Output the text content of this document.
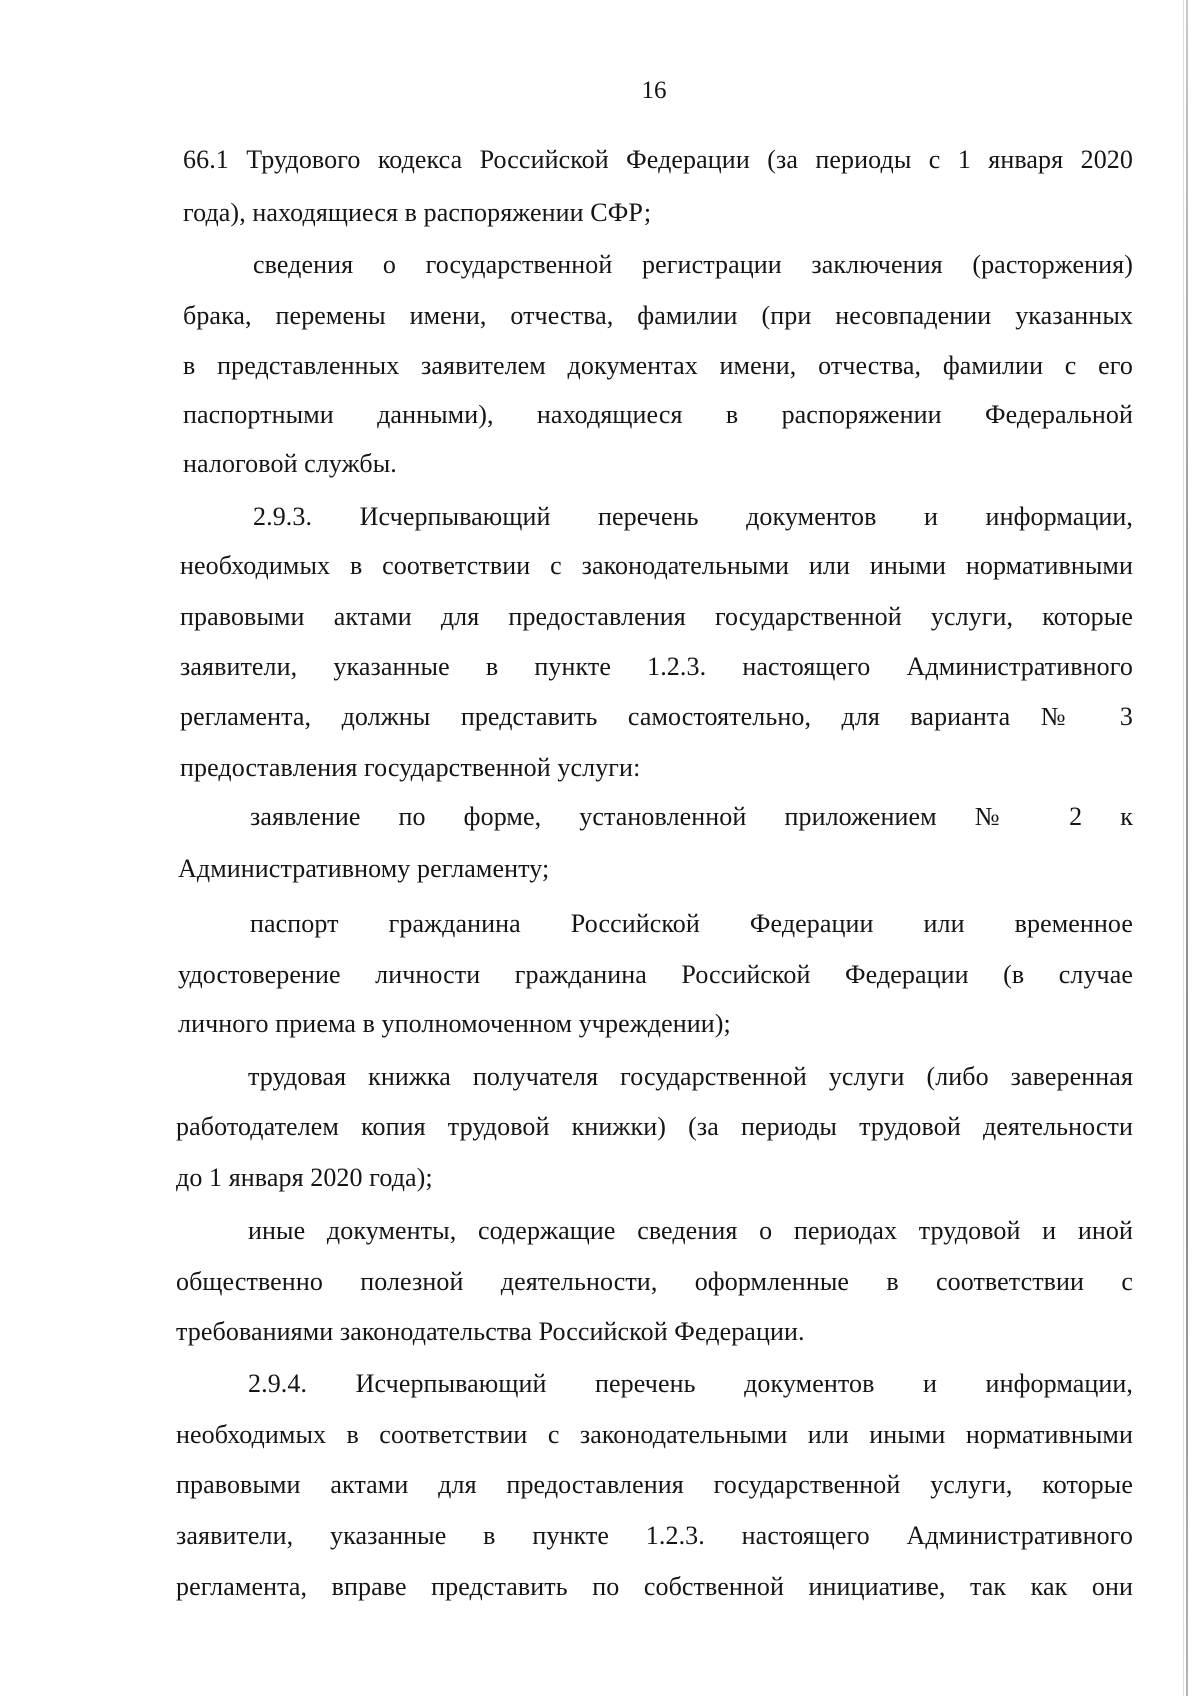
16
66.1 Трудового кодекса Российской Федерации (за периоды с 1 января 2020
года), находящиеся в распоряжении СФР;
сведения о государственной регистрации заключения (расторжения)
брака, перемены имени, отчества, фамилии (при несовпадении указанных
в представленных заявителем документах имени, отчества, фамилии с его
паспортными данными), находящиеся в распоряжении Федеральной
налоговой службы.
2.9.3. Исчерпывающий перечень документов и информации,
необходимых в соответствии с законодательными или иными нормативными
правовыми актами для предоставления государственной услуги, которые
заявители, указанные в пункте 1.2.3. настоящего Административного
регламента, должны представить самостоятельно, для варианта № 3
предоставления государственной услуги:
заявление по форме, установленной приложением № 2 к
Административному регламенту;
паспорт гражданина Российской Федерации или временное
удостоверение личности гражданина Российской Федерации (в случае
личного приема в уполномоченном учреждении);
трудовая книжка получателя государственной услуги (либо заверенная
работодателем копия трудовой книжки) (за периоды трудовой деятельности
до 1 января 2020 года);
иные документы, содержащие сведения о периодах трудовой и иной
общественно полезной деятельности, оформленные в соответствии с
требованиями законодательства Российской Федерации.
2.9.4. Исчерпывающий перечень документов и информации,
необходимых в соответствии с законодательными или иными нормативными
правовыми актами для предоставления государственной услуги, которые
заявители, указанные в пункте 1.2.3. настоящего Административного
регламента, вправе представить по собственной инициативе, так как они
